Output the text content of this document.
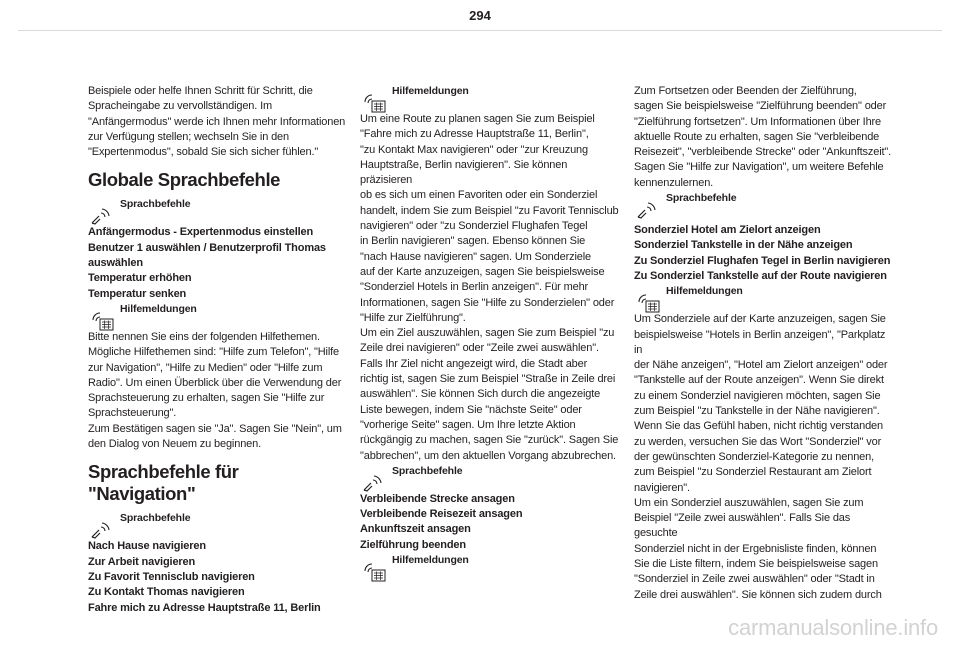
294

Beispiele oder helfe Ihnen Schritt für Schritt, die
Spracheingabe zu vervollständigen. Im
"Anfängermodus" werde ich Ihnen mehr Informationen
zur Verfügung stellen; wechseln Sie in den
"Expertenmodus", sobald Sie sich sicher fühlen."

Globale Sprachbefehle
Sprachbefehle

Anfängermodus - Expertenmodus einstellen
Benutzer 1 auswählen / Benutzerprofil Thomas
auswählen
Temperatur erhöhen
Temperatur senken

Hilfemeldungen

Bitte nennen Sie eins der folgenden Hilfethemen.
Mögliche Hilfethemen sind: "Hilfe zum Telefon", "Hilfe
zur Navigation", "Hilfe zu Medien" oder "Hilfe zum
Radio". Um einen Überblick über die Verwendung der
Sprachsteuerung zu erhalten, sagen Sie "Hilfe zur
Sprachsteuerung".
Zum Bestätigen sagen sie "Ja". Sagen Sie "Nein", um
den Dialog von Neuem zu beginnen.

Sprachbefehle für "Navigation"
Sprachbefehle

Nach Hause navigieren
Zur Arbeit navigieren
Zu Favorit Tennisclub navigieren
Zu Kontakt Thomas navigieren
Fahre mich zu Adresse Hauptstraße 11, Berlin

Hilfemeldungen

Um eine Route zu planen sagen Sie zum Beispiel
"Fahre mich zu Adresse Hauptstraße 11, Berlin",
"zu Kontakt Max navigieren" oder "zur Kreuzung
Hauptstraße, Berlin navigieren". Sie können präzisieren
ob es sich um einen Favoriten oder ein Sonderziel
handelt, indem Sie zum Beispiel "zu Favorit Tennisclub
navigieren" oder "zu Sonderziel Flughafen Tegel
in Berlin navigieren" sagen. Ebenso können Sie
"nach Hause navigieren" sagen. Um Sonderziele
auf der Karte anzuzeigen, sagen Sie beispielsweise
"Sonderziel Hotels in Berlin anzeigen". Für mehr
Informationen, sagen Sie "Hilfe zu Sonderzielen" oder
"Hilfe zur Zielführung".
Um ein Ziel auszuwählen, sagen Sie zum Beispiel "zu
Zeile drei navigieren" oder "Zeile zwei auswählen".
Falls Ihr Ziel nicht angezeigt wird, die Stadt aber
richtig ist, sagen Sie zum Beispiel "Straße in Zeile drei
auswählen". Sie können Sich durch die angezeigte
Liste bewegen, indem Sie "nächste Seite" oder
"vorherige Seite" sagen. Um Ihre letzte Aktion
rückgängig zu machen, sagen Sie "zurück". Sagen Sie
"abbrechen", um den aktuellen Vorgang abzubrechen.

Sprachbefehle

Verbleibende Strecke ansagen
Verbleibende Reisezeit ansagen
Ankunftszeit ansagen
Zielführung beenden

Hilfemeldungen

Zum Fortsetzen oder Beenden der Zielführung,
sagen Sie beispielsweise "Zielführung beenden" oder
"Zielführung fortsetzen". Um Informationen über Ihre
aktuelle Route zu erhalten, sagen Sie "verbleibende
Reisezeit", "verbleibende Strecke" oder "Ankunftszeit".
Sagen Sie "Hilfe zur Navigation", um weitere Befehle
kennenzulernen.

Sprachbefehle

Sonderziel Hotel am Zielort anzeigen
Sonderziel Tankstelle in der Nähe anzeigen
Zu Sonderziel Flughafen Tegel in Berlin navigieren
Zu Sonderziel Tankstelle auf der Route navigieren

Hilfemeldungen

Um Sonderziele auf der Karte anzuzeigen, sagen Sie
beispielsweise "Hotels in Berlin anzeigen", "Parkplatz in
der Nähe anzeigen", "Hotel am Zielort anzeigen" oder
"Tankstelle auf der Route anzeigen". Wenn Sie direkt
zu einem Sonderziel navigieren möchten, sagen Sie
zum Beispiel "zu Tankstelle in der Nähe navigieren".
Wenn Sie das Gefühl haben, nicht richtig verstanden
zu werden, versuchen Sie das Wort "Sonderziel" vor
der gewünschten Sonderziel-Kategorie zu nennen,
zum Beispiel "zu Sonderziel Restaurant am Zielort
navigieren".
Um ein Sonderziel auszuwählen, sagen Sie zum
Beispiel "Zeile zwei auswählen". Falls Sie das gesuchte
Sonderziel nicht in der Ergebnisliste finden, können
Sie die Liste filtern, indem Sie beispielsweise sagen
"Sonderziel in Zeile zwei auswählen" oder "Stadt in
Zeile drei auswählen". Sie können sich zudem durch

carmanualsonline.info
